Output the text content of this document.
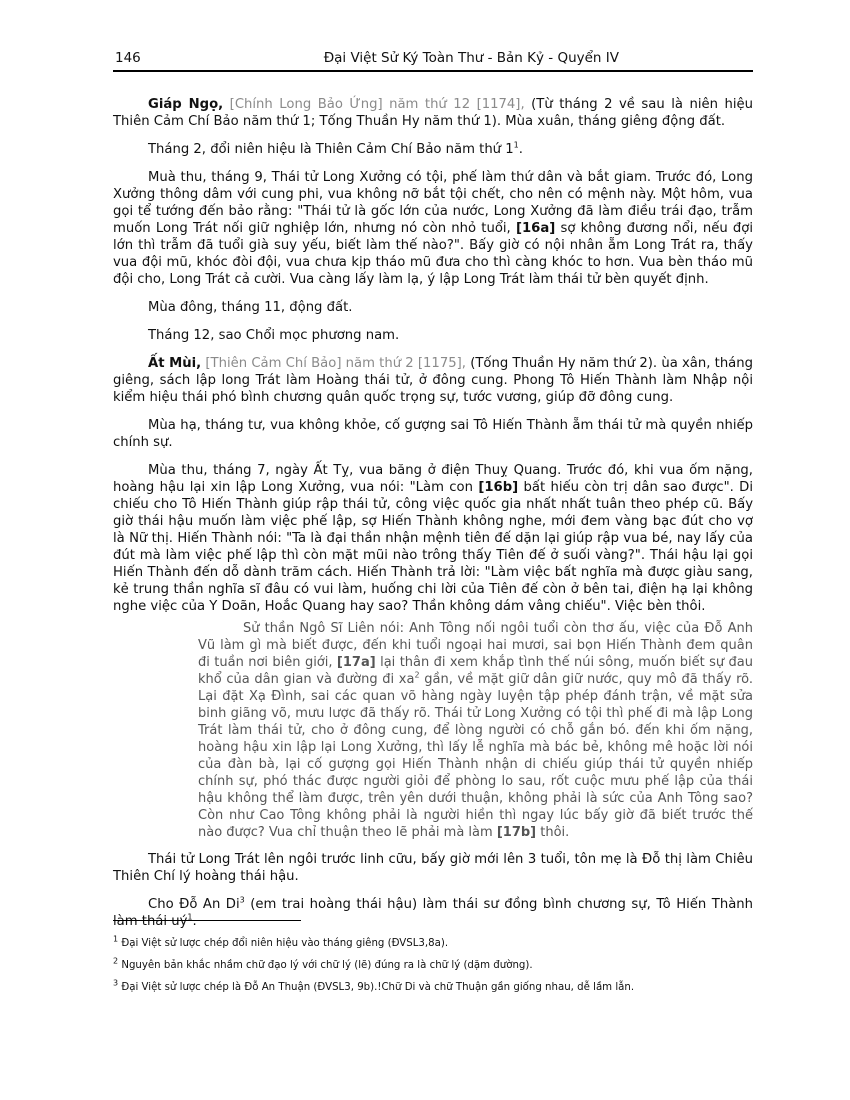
146	Đại Việt Sử Ký Toàn Thư - Bản Kỷ - Quyển IV

Giáp Ngọ, [Chính Long Bảo Ứng] năm thứ 12 [1174], (Từ tháng 2 về sau là niên hiệu Thiên Cảm Chí Bảo năm thứ 1; Tống Thuần Hy năm thứ 1). Mùa xuân, tháng giêng động đất.

Tháng 2, đổi niên hiệu là Thiên Cảm Chí Bảo năm thứ $1^1$.

Muà thu, tháng 9, Thái tử Long Xưởng có tội, phế làm thứ dân và bắt giam. Trước đó, Long Xưởng thông dâm với cung phi, vua không nỡ bắt tội chết, cho nên có mệnh này. Một hôm, vua gọi tể tướng đến bảo rằng: "Thái tử là gốc lớn của nước, Long Xưởng đã làm điều trái đạo, trẫm muốn Long Trát nối giữ nghiệp lớn, nhưng nó còn nhỏ tuổi, [16a] sợ không đương nổi, nếu đợi lớn thì trẫm đã tuổi già suy yếu, biết làm thế nào?". Bấy giờ có nội nhân ẵm Long Trát ra, thấy vua đội mũ, khóc đòi đội, vua chưa kịp tháo mũ đưa cho thì càng khóc to hơn. Vua bèn tháo mũ đội cho, Long Trát cả cười. Vua càng lấy làm lạ, ý lập Long Trát làm thái tử bèn quyết định.

Mùa đông, tháng 11, động đất.

Tháng 12, sao Chổi mọc phương nam.

Ất Mùi, [Thiên Cảm Chí Bảo] năm thứ 2 [1175], (Tống Thuần Hy năm thứ 2). ùa xân, tháng giêng, sách lập long Trát làm Hoàng thái tử, ở đông cung. Phong Tô Hiến Thành làm Nhập nội kiểm hiệu thái phó bình chương quân quốc trọng sự, tước vương, giúp đỡ đông cung.

Mùa hạ, tháng tư, vua không khỏe, cố gượng sai Tô Hiến Thành ẵm thái tử mà quyền nhiếp chính sự.

Mùa thu, tháng 7, ngày Ất Tỵ, vua băng ở điện Thuỵ Quang. Trước đó, khi vua ốm nặng, hoàng hậu lại xin lập Long Xưởng, vua nói: "Làm con [16b] bất hiếu còn trị dân sao được". Di chiếu cho Tô Hiến Thành giúp rập thái tử, công việc quốc gia nhất nhất tuân theo phép cũ. Bấy giờ thái hậu muốn làm việc phế lập, sợ Hiến Thành không nghe, mới đem vàng bạc đút cho vợ là Nữ thị. Hiến Thành nói: "Ta là đại thần nhận mệnh tiên đế dặn lại giúp rập vua bé, nay lấy của đút mà làm việc phế lập thì còn mặt mũi nào trông thấy Tiên đế ở suối vàng?". Thái hậu lại gọi Hiến Thành đến dỗ dành trăm cách. Hiến Thành trả lời: "Làm việc bất nghĩa mà được giàu sang, kẻ trung thần nghĩa sĩ đâu có vui làm, huống chi lời của Tiên đế còn ở bên tai, điện hạ lại không nghe việc của Y Doãn, Hoắc Quang hay sao? Thần không dám vâng chiếu". Việc bèn thôi.

Sử thần Ngô Sĩ Liên nói: Anh Tông nối ngôi tuổi còn thơ ấu, việc của Đỗ Anh Vũ làm gì mà biết được, đến khi tuổi ngoại hai mươi, sai bọn Hiến Thành đem quân đi tuần nơi biên giới, [17a] lại thân đi xem khắp tình thế núi sông, muốn biết sự đau khổ của dân gian và đường đi $xa^2$ gần, về mặt giữ dân giữ nước, quy mô đã thấy rõ. Lại đặt Xạ Đình, sai các quan võ hàng ngày luyện tập phép đánh trận, về mặt sửa binh giãng võ, mưu lược đã thấy rõ. Thái tử Long Xưởng có tội thì phế đi mà lập Long Trát làm thái tử, cho ở đông cung, để lòng người có chỗ gắn bó. đến khi ốm nặng, hoàng hậu xin lập lại Long Xưởng, thì lấy lễ nghĩa mà bác bẻ, không mê hoặc lời nói của đàn bà, lại cố gượng gọi Hiến Thành nhận di chiếu giúp thái tử quyền nhiếp chính sự, phó thác được người giỏi để phòng lo sau, rốt cuộc mưu phế lập của thái hậu không thể làm được, trên yên dưới thuận, không phải là sức của Anh Tông sao? Còn như Cao Tông không phải là người hiền thì ngay lúc bấy giờ đã biết trước thế nào được? Vua chỉ thuận theo lẽ phải mà làm [17b] thôi.

Thái tử Long Trát lên ngôi trước linh cữu, bấy giờ mới lên 3 tuổi, tôn mẹ là Đỗ thị làm Chiêu Thiên Chí lý hoàng thái hậu.

Cho Đỗ An Di$^3$ (em trai hoàng thái hậu) làm thái sư đồng bình chương sự, Tô Hiến Thành làm thái $uý^1$.

$^1$ Đại Việt sử lược chép đổi niên hiệu vào tháng giêng (ĐVSL3,8a).
$^2$ Nguyên bản khắc nhầm chữ đạo lý với chữ lý (lẽ) đúng ra là chữ lý (dặm đường).
$^3$ Đại Việt sử lược chép là Đỗ An Thuận (ĐVSL3, 9b).!Chữ Di và chữ Thuận gần giống nhau, dễ lầm lẫn.
